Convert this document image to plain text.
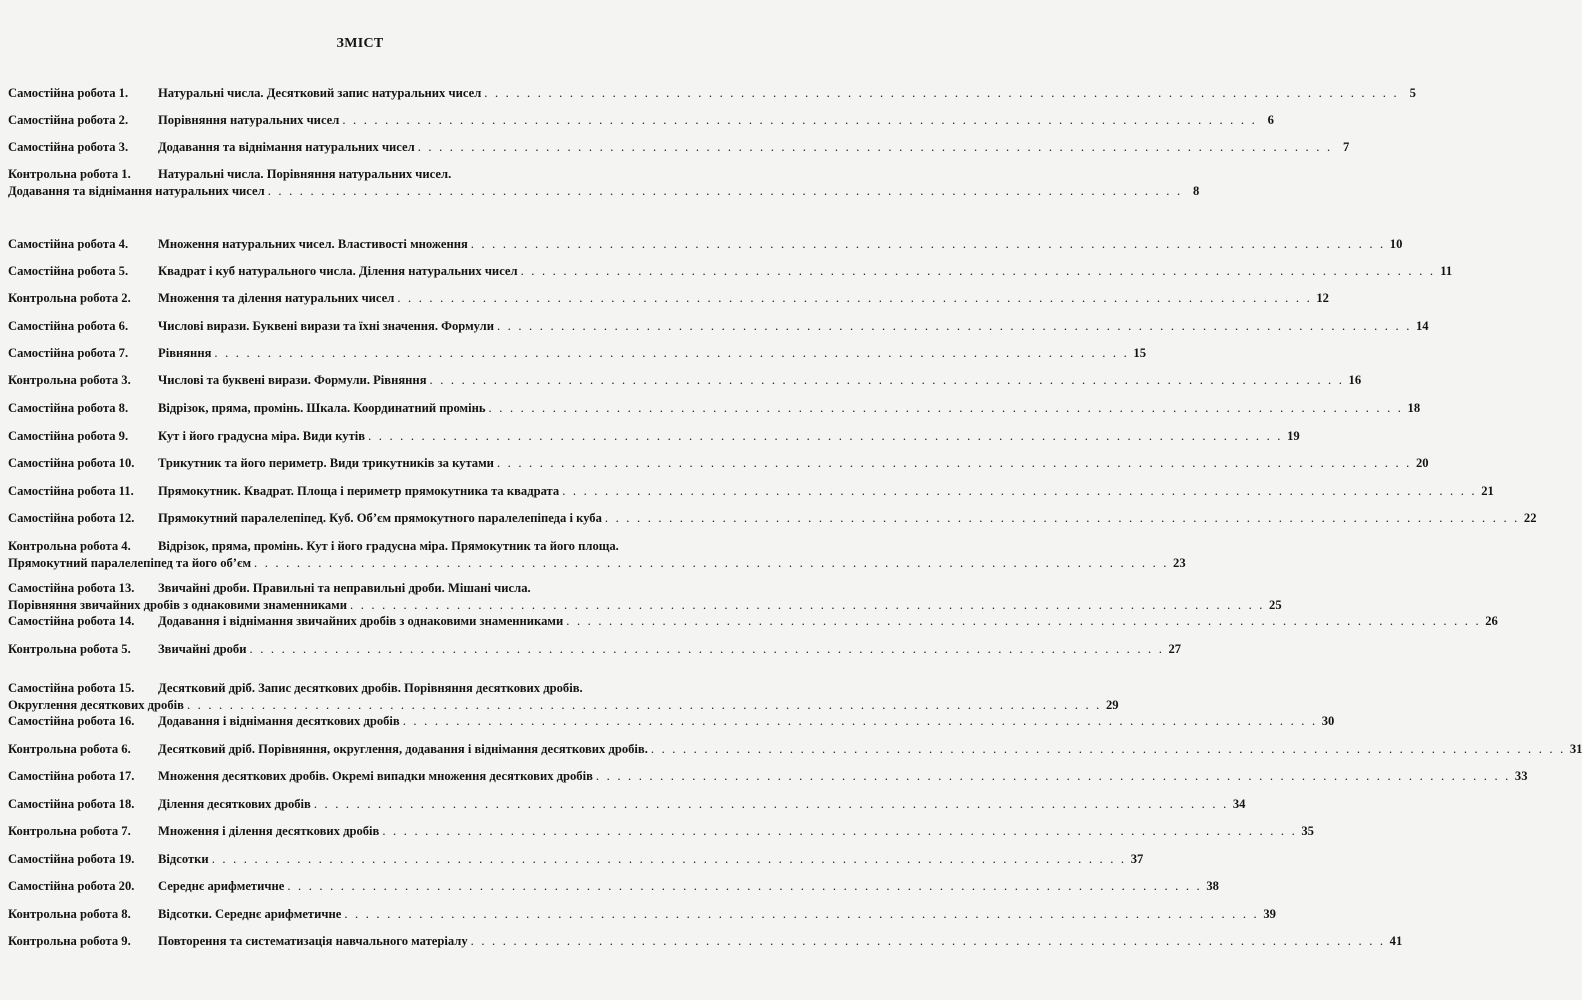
ЗМІСТ
Самостійна робота 1.	Натуральні числа. Десятковий запис натуральних чисел . . .	5
Самостійна робота 2.	Порівняння натуральних чисел . . .	6
Самостійна робота 3.	Додавання та віднімання натуральних чисел . . .	7
Контрольна робота 1.	Натуральні числа. Порівняння натуральних чисел.
Додавання та віднімання натуральних чисел . . .	8
Самостійна робота 4.	Множення натуральних чисел. Властивості множення . . .	10
Самостійна робота 5.	Квадрат і куб натурального числа. Ділення натуральних чисел . . .	11
Контрольна робота 2.	Множення та ділення натуральних чисел . . .	12
Самостійна робота 6.	Числові вирази. Буквені вирази та їхні значення. Формули . . .	14
Самостійна робота 7.	Рівняння . . .	15
Контрольна робота 3.	Числові та буквені вирази. Формули. Рівняння . . .	16
Самостійна робота 8.	Відрізок, пряма, промінь. Шкала. Координатний промінь . . .	18
Самостійна робота 9.	Кут і його градусна міра. Види кутів . . .	19
Самостійна робота 10.	Трикутник та його периметр. Види трикутників за кутами . . .	20
Самостійна робота 11.	Прямокутник. Квадрат. Площа і периметр прямокутника та квадрата . . .	21
Самостійна робота 12.	Прямокутний паралелепіпед. Куб. Об’єм прямокутного паралелепіпеда і куба . . .	22
Контрольна робота 4.	Відрізок, пряма, промінь. Кут і його градусна міра. Прямокутник та його площа.
Прямокутний паралелепіпед та його об’єм . . .	23
Самостійна робота 13.	Звичайні дроби. Правильні та неправильні дроби. Мішані числа.
Порівняння звичайних дробів з однаковими знаменниками . . .	25
Самостійна робота 14.	Додавання і віднімання звичайних дробів з однаковими знаменниками . . .	26
Контрольна робота 5.	Звичайні дроби . . .	27
Самостійна робота 15.	Десятковий дріб. Запис десяткових дробів. Порівняння десяткових дробів.
Округлення десяткових дробів . . .	29
Самостійна робота 16.	Додавання і віднімання десяткових дробів . . .	30
Контрольна робота 6.	Десятковий дріб. Порівняння, округлення, додавання і віднімання десяткових дробів. . . .	31
Самостійна робота 17.	Множення десяткових дробів. Окремі випадки множення десяткових дробів . . .	33
Самостійна робота 18.	Ділення десяткових дробів . . .	34
Контрольна робота 7.	Множення і ділення десяткових дробів . . .	35
Самостійна робота 19.	Відсотки . . .	37
Самостійна робота 20.	Середнє арифметичне . . .	38
Контрольна робота 8.	Відсотки. Середнє арифметичне . . .	39
Контрольна робота 9.	Повторення та систематизація навчального матеріалу . . .	41
